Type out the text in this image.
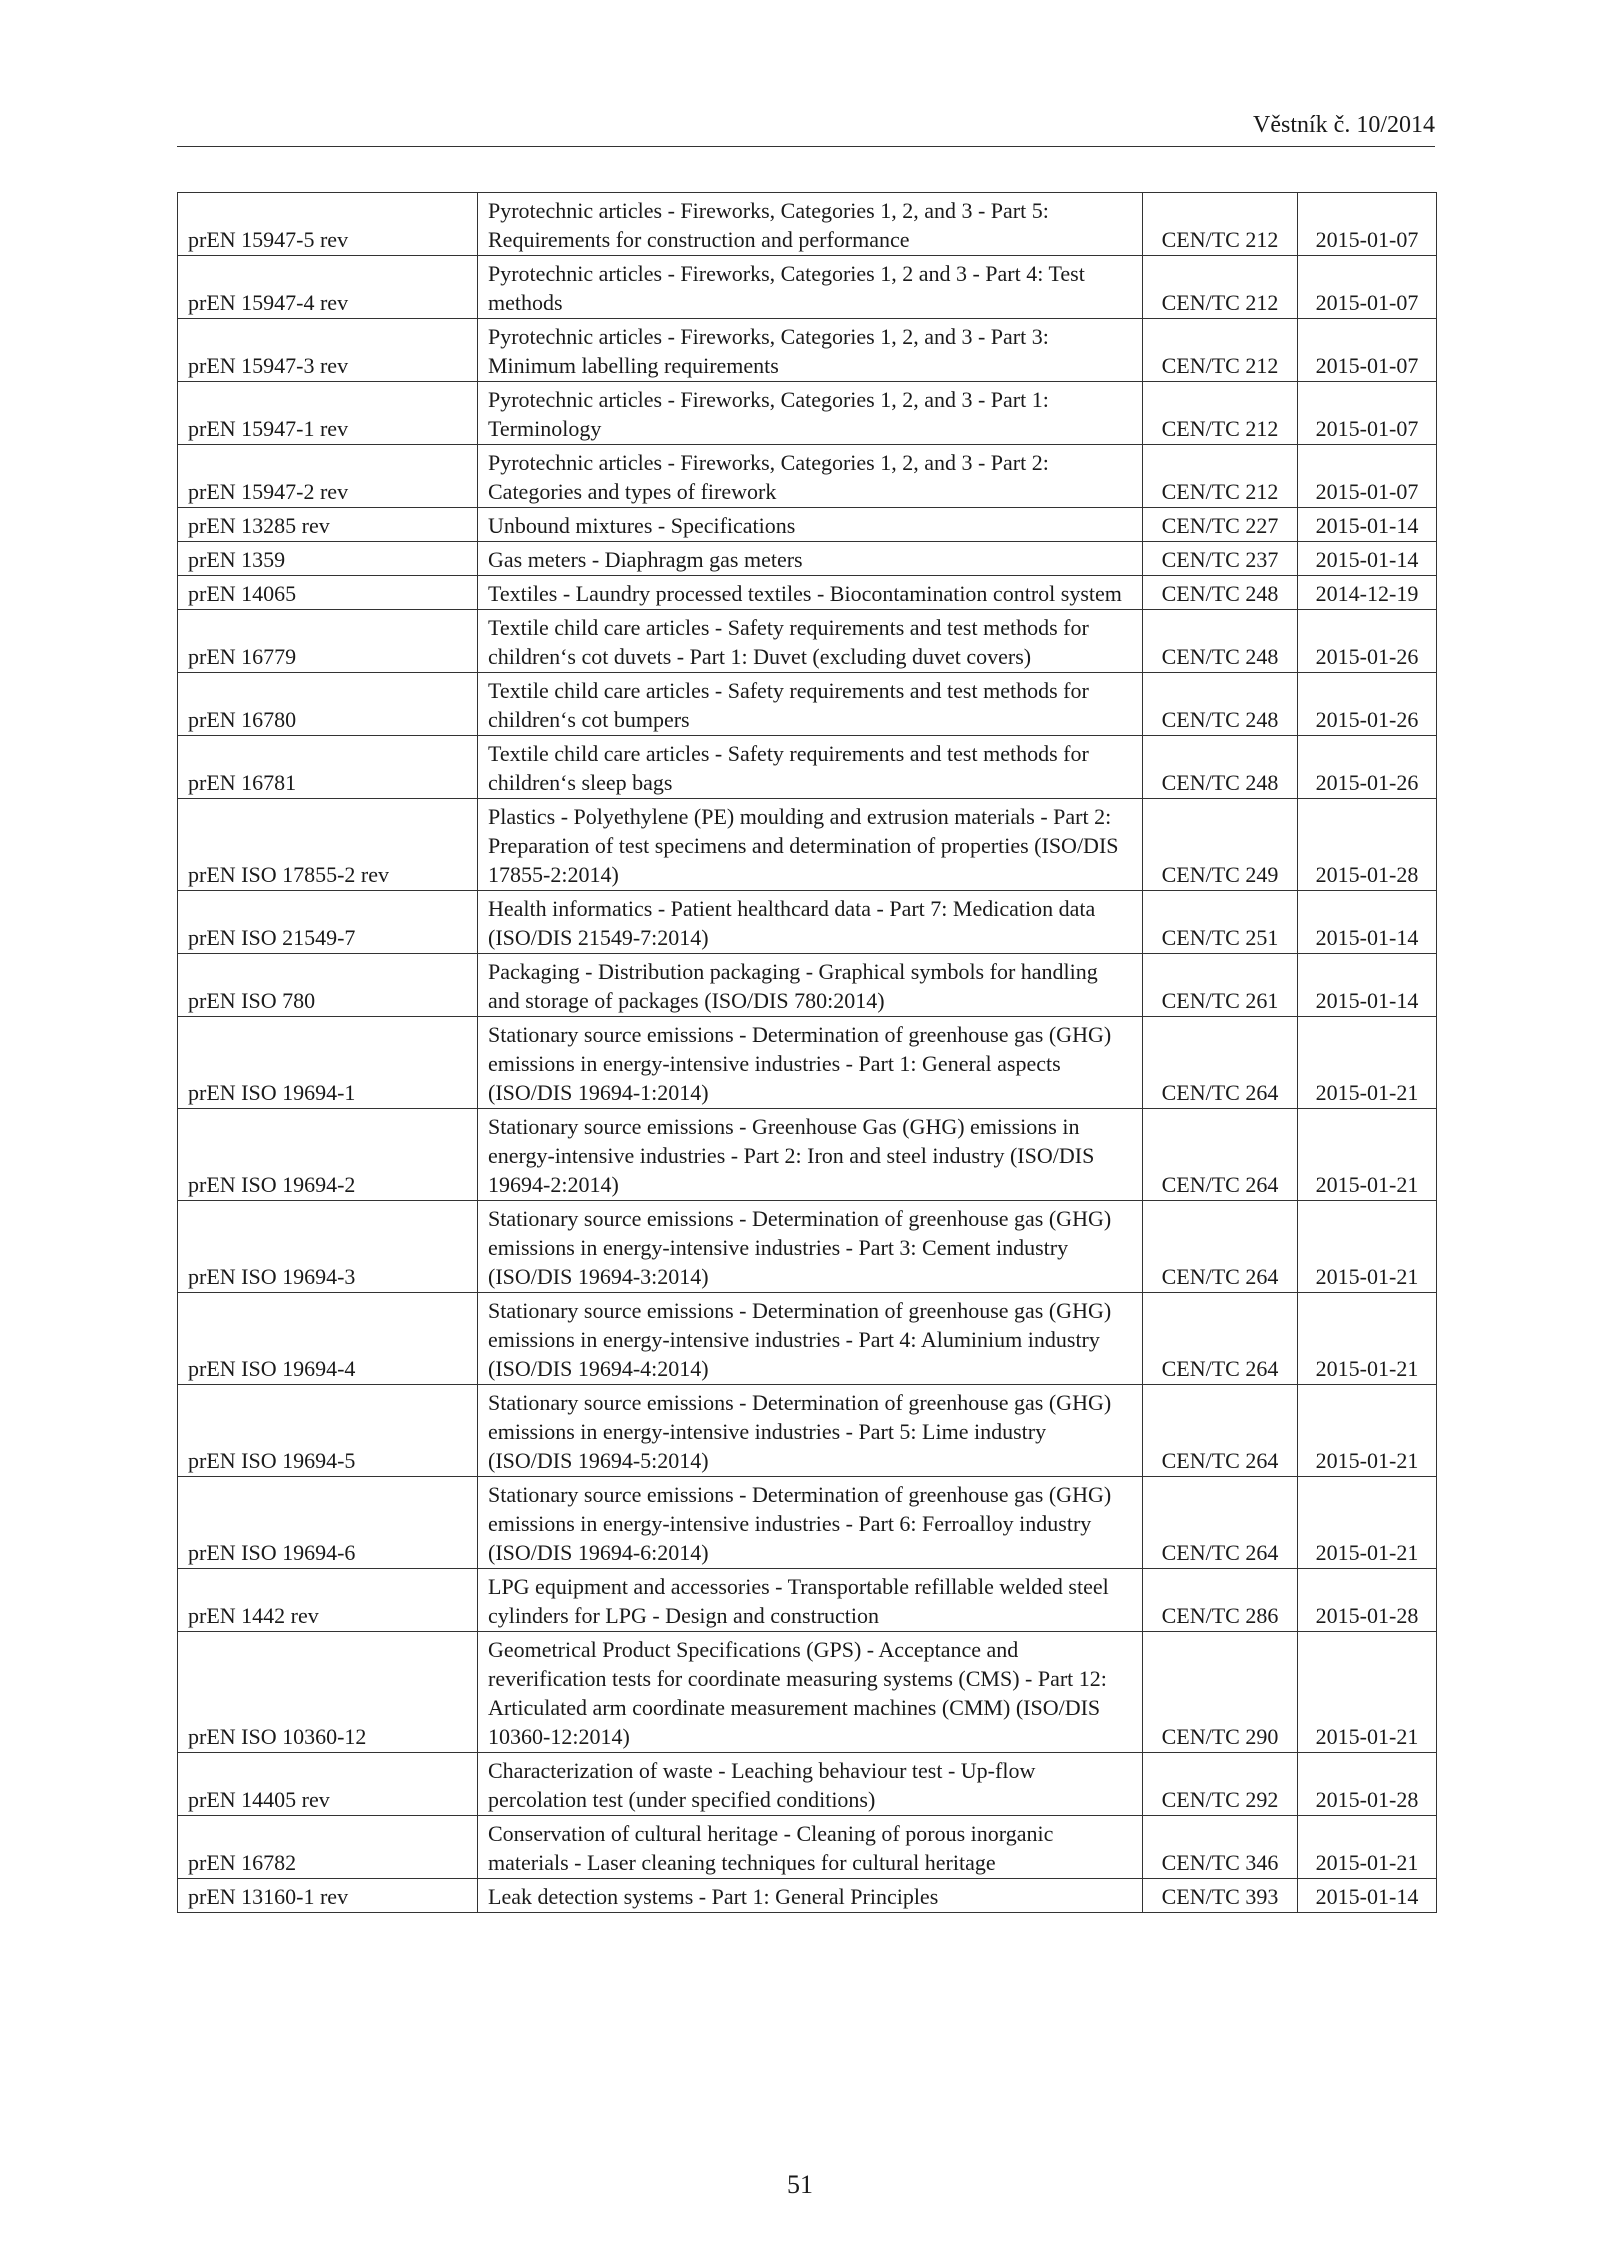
Věstník č. 10/2014
prEN 15947-5 rev	Pyrotechnic articles - Fireworks, Categories 1, 2, and 3 - Part 5: Requirements for construction and performance	CEN/TC 212	2015-01-07
prEN 15947-4 rev	Pyrotechnic articles - Fireworks, Categories 1, 2 and 3 - Part 4: Test methods	CEN/TC 212	2015-01-07
prEN 15947-3 rev	Pyrotechnic articles - Fireworks, Categories 1, 2, and 3 - Part 3: Minimum labelling requirements	CEN/TC 212	2015-01-07
prEN 15947-1 rev	Pyrotechnic articles - Fireworks, Categories 1, 2, and 3 - Part 1: Terminology	CEN/TC 212	2015-01-07
prEN 15947-2 rev	Pyrotechnic articles - Fireworks, Categories 1, 2, and 3 - Part 2: Categories and types of firework	CEN/TC 212	2015-01-07
prEN 13285 rev	Unbound mixtures - Specifications	CEN/TC 227	2015-01-14
prEN 1359	Gas meters - Diaphragm gas meters	CEN/TC 237	2015-01-14
prEN 14065	Textiles - Laundry processed textiles - Biocontamination control system	CEN/TC 248	2014-12-19
prEN 16779	Textile child care articles - Safety requirements and test methods for children‘s cot duvets - Part 1: Duvet (excluding duvet covers)	CEN/TC 248	2015-01-26
prEN 16780	Textile child care articles - Safety requirements and test methods for children‘s cot bumpers	CEN/TC 248	2015-01-26
prEN 16781	Textile child care articles - Safety requirements and test methods for children‘s sleep bags	CEN/TC 248	2015-01-26
prEN ISO 17855-2 rev	Plastics - Polyethylene (PE) moulding and extrusion materials - Part 2: Preparation of test specimens and determination of properties (ISO/DIS 17855-2:2014)	CEN/TC 249	2015-01-28
prEN ISO 21549-7	Health informatics - Patient healthcard data - Part 7: Medication data (ISO/DIS 21549-7:2014)	CEN/TC 251	2015-01-14
prEN ISO 780	Packaging - Distribution packaging - Graphical symbols for handling and storage of packages (ISO/DIS 780:2014)	CEN/TC 261	2015-01-14
prEN ISO 19694-1	Stationary source emissions - Determination of greenhouse gas (GHG) emissions in energy-intensive industries - Part 1: General aspects (ISO/DIS 19694-1:2014)	CEN/TC 264	2015-01-21
prEN ISO 19694-2	Stationary source emissions - Greenhouse Gas (GHG) emissions in energy-intensive industries - Part 2: Iron and steel industry (ISO/DIS 19694-2:2014)	CEN/TC 264	2015-01-21
prEN ISO 19694-3	Stationary source emissions - Determination of greenhouse gas (GHG) emissions in energy-intensive industries - Part 3: Cement industry (ISO/DIS 19694-3:2014)	CEN/TC 264	2015-01-21
prEN ISO 19694-4	Stationary source emissions - Determination of greenhouse gas (GHG) emissions in energy-intensive industries - Part 4: Aluminium industry (ISO/DIS 19694-4:2014)	CEN/TC 264	2015-01-21
prEN ISO 19694-5	Stationary source emissions - Determination of greenhouse gas (GHG) emissions in energy-intensive industries - Part 5: Lime industry (ISO/DIS 19694-5:2014)	CEN/TC 264	2015-01-21
prEN ISO 19694-6	Stationary source emissions - Determination of greenhouse gas (GHG) emissions in energy-intensive industries - Part 6: Ferroalloy industry (ISO/DIS 19694-6:2014)	CEN/TC 264	2015-01-21
prEN 1442 rev	LPG equipment and accessories - Transportable refillable welded steel cylinders for LPG - Design and construction	CEN/TC 286	2015-01-28
prEN ISO 10360-12	Geometrical Product Specifications (GPS) - Acceptance and reverification tests for coordinate measuring systems (CMS) - Part 12: Articulated arm coordinate measurement machines (CMM) (ISO/DIS 10360-12:2014)	CEN/TC 290	2015-01-21
prEN 14405 rev	Characterization of waste - Leaching behaviour test - Up-flow percolation test (under specified conditions)	CEN/TC 292	2015-01-28
prEN 16782	Conservation of cultural heritage - Cleaning of porous inorganic materials - Laser cleaning techniques for cultural heritage	CEN/TC 346	2015-01-21
prEN 13160-1 rev	Leak detection systems - Part 1: General Principles	CEN/TC 393	2015-01-14
51
